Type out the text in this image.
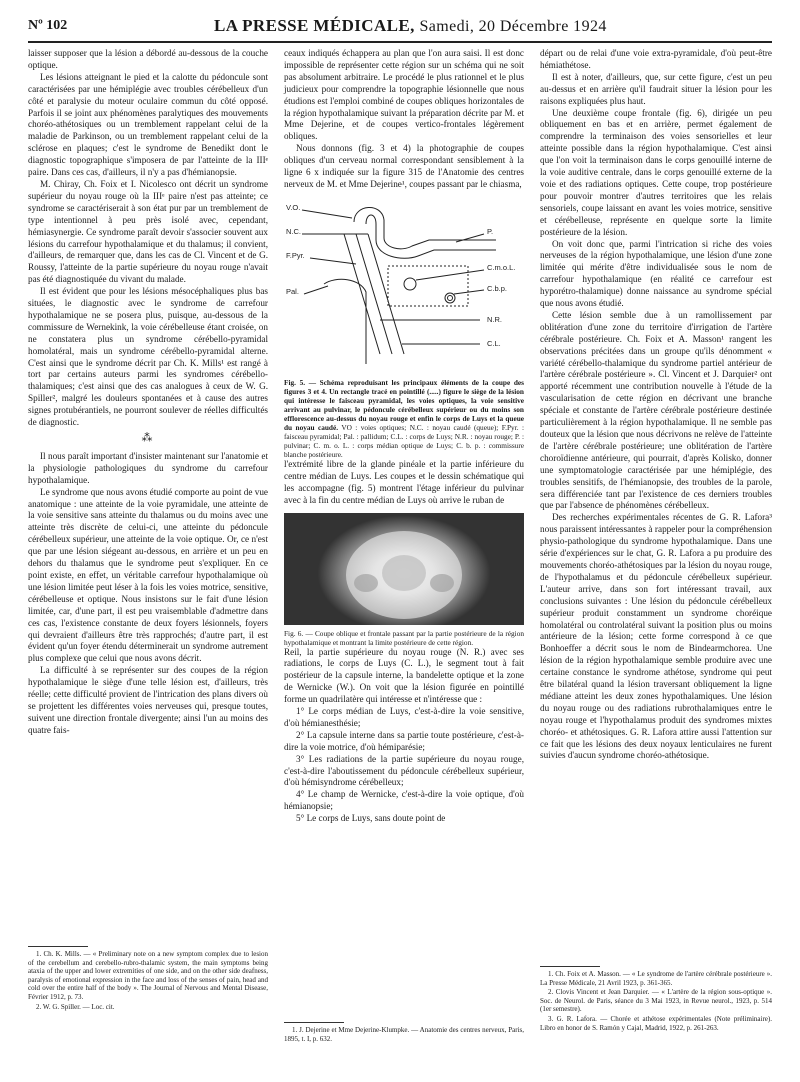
Nº 102	LA PRESSE MÉDICALE, Samedi, 20 Décembre 1924

laisser supposer que la lésion a débordé au-dessous de la couche optique.

Les lésions atteignant le pied et la calotte du pédoncule sont caractérisées par une hémiplégie avec troubles cérébelleux d'un côté et paralysie du moteur oculaire commun du côté opposé. Parfois il se joint aux phénomènes paralytiques des mouvements choréo-athétosiques ou un tremblement rappelant celui de la maladie de Parkinson, ou un tremblement rappelant celui de la sclérose en plaques; c'est le syndrome de Benedikt dont le diagnostic topographique s'imposera de par l'atteinte de la IIIᵉ paire. Dans ces cas, d'ailleurs, il n'y a pas d'hémianopsie.

M. Chiray, Ch. Foix et I. Nicolesco ont décrit un syndrome supérieur du noyau rouge où la IIIᵉ paire n'est pas atteinte; ce syndrome se caractériserait à son état pur par un tremblement de type intentionnel à peu près isolé avec, cependant, hémiasynergie. Ce syndrome paraît devoir s'associer souvent aux lésions du carrefour hypothalamique et du thalamus; il convient, d'ailleurs, de remarquer que, dans les cas de Cl. Vincent et de G. Roussy, l'atteinte de la partie supérieure du noyau rouge n'avait pas été diagnostiquée du vivant du malade.

Il est évident que pour les lésions mésocéphaliques plus bas situées, le diagnostic avec le syndrome de carrefour hypothalamique ne se posera plus, puisque, au-dessous de la commissure de Wernekink, la voie cérébelleuse étant croisée, on ne constatera plus un syndrome cérébello-pyramidal homolatéral, mais un syndrome cérébello-pyramidal alterne. C'est ainsi que le syndrome décrit par Ch. K. Mills¹ est rangé à tort par certains auteurs parmi les syndromes cérébello-thalamiques; c'est ainsi que des cas analogues à ceux de W. G. Spiller², malgré les douleurs spontanées et à cause des autres signes protubérantiels, ne pourront soulever de réelles difficultés de diagnostic.

⁂

Il nous paraît important d'insister maintenant sur l'anatomie et la physiologie pathologiques du syndrome du carrefour hypothalamique.

Le syndrome que nous avons étudié comporte au point de vue anatomique : une atteinte de la voie pyramidale, une atteinte de la voie sensitive sans atteinte du thalamus ou du moins avec une atteinte très discrète de celui-ci, une atteinte du pédoncule cérébelleux supérieur, une atteinte de la voie optique. Or, ce n'est que par une lésion siégeant au-dessous, en arrière et un peu en dehors du thalamus que le syndrome peut s'expliquer. En ce point existe, en effet, un véritable carrefour hypothalamique où une lésion limitée peut léser à la fois les voies motrice, sensitive, cérébelleuse et optique. Nous insistons sur le fait d'une lésion limitée, car, d'une part, il est peu vraisemblable d'admettre dans ces cas, l'existence constante de deux foyers lésionnels, foyers qui devraient d'ailleurs être très rapprochés; d'autre part, il est évident qu'un foyer étendu déterminerait un syndrome autrement plus complexe que celui que nous avons décrit.

La difficulté à se représenter sur des coupes de la région hypothalamique le siège d'une telle lésion est, d'ailleurs, très réelle; cette difficulté provient de l'intrication des plans divers où se projettent les différentes voies nerveuses qui, presque toutes, suivent une direction frontale divergente; ainsi l'un au moins des quatre fais-

1. Ch. K. Mills. — « Preliminary note on a new symptom complex due to lesion of the cerebellum and cerebello-rubro-thalamic system, the main symptoms being ataxia of the upper and lower extremities of one side, and on the other side deafness, paralysis of emotional expression in the face and loss of the senses of pain, head and cold over the entire half of the body ». The Journal of Nervous and Mental Disease, Février 1912, p. 73.

2. W. G. Spiller. — Loc. cit.

ceaux indiqués échappera au plan que l'on aura saisi. Il est donc impossible de représenter cette région sur un schéma qui ne soit pas absolument arbitraire. Le procédé le plus rationnel et le plus judicieux pour comprendre la topographie lésionnelle que nous étudions est l'emploi combiné de coupes obliques horizontales de la région hypothalamique suivant la préparation décrite par M. et Mme Dejerine, et de coupes vertico-frontales légèrement obliques.

Nous donnons (fig. 3 et 4) la photographie de coupes obliques d'un cerveau normal correspondant sensiblement à la ligne 6 x indiquée sur la figure 315 de l'Anatomie des centres nerveux de M. et Mme Dejerine¹, coupes passant par le chiasma,

V.O.
N.C.
F.Pyr.
Pal.
P.
C.m.o.L.
C.b.p.
N.R.
C.L.

Fig. 5. — Schéma reproduisant les principaux éléments de la coupe des figures 3 et 4. Un rectangle tracé en pointillé (.....) figure le siège de la lésion qui intéresse le faisceau pyramidal, les voies optiques, la voie sensitive arrivant au pulvinar, le pédoncule cérébelleux supérieur ou du moins son efflorescence au-dessus du noyau rouge et enfin le corps de Luys et la queue du noyau caudé. VO : voies optiques; N.C. : noyau caudé (queue); F.Pyr. : faisceau pyramidal; Pal. : pallidum; C.L. : corps de Luys; N.R. : noyau rouge; P. : pulvinar; C. m. o. L. : corps médian optique de Luys; C. b. p. : commissure blanche postérieure.

l'extrémité libre de la glande pinéale et la partie inférieure du centre médian de Luys. Les coupes et le dessin schématique qui les accompagne (fig. 5) montrent l'étage inférieur du pulvinar avec à la fin du centre médian de Luys où arrive le ruban de

Fig. 6. — Coupe oblique et frontale passant par la partie postérieure de la région hypothalamique et montrant la limite postérieure de cette région.

Reil, la partie supérieure du noyau rouge (N. R.) avec ses radiations, le corps de Luys (C. L.), le segment tout à fait postérieur de la capsule interne, la bandelette optique et la zone de Wernicke (W.). On voit que la lésion figurée en pointillé forme un quadrilatère qui intéresse et n'intéresse que :

1° Le corps médian de Luys, c'est-à-dire la voie sensitive, d'où hémianesthésie;

2° La capsule interne dans sa partie toute postérieure, c'est-à-dire la voie motrice, d'où hémiparésie;

3° Les radiations de la partie supérieure du noyau rouge, c'est-à-dire l'aboutissement du pédoncule cérébelleux supérieur, d'où hémisyndrome cérébelleux;

4° Le champ de Wernicke, c'est-à-dire la voie optique, d'où hémianopsie;

5° Le corps de Luys, sans doute point de

1. J. Dejerine et Mme Dejerine-Klumpke. — Anatomie des centres nerveux, Paris, 1895, t. I, p. 632.

départ ou de relai d'une voie extra-pyramidale, d'où peut-être hémiathétose.

Il est à noter, d'ailleurs, que, sur cette figure, c'est un peu au-dessus et en arrière qu'il faudrait situer la lésion pour les raisons expliquées plus haut.

Une deuxième coupe frontale (fig. 6), dirigée un peu obliquement en bas et en arrière, permet également de comprendre la terminaison des voies sensorielles et leur atteinte possible dans la région hypothalamique. C'est ainsi que l'on voit la terminaison dans le corps genouillé interne de la voie auditive centrale, dans le corps genouillé externe de la voie et des radiations optiques. Cette coupe, trop postérieure pour pouvoir montrer d'autres territoires que les relais sensoriels, coupe laissant en avant les voies motrice, sensitive et cérébelleuse, représente en quelque sorte la limite postérieure de la lésion.

On voit donc que, parmi l'intrication si riche des voies nerveuses de la région hypothalamique, une lésion d'une zone limitée qui mérite d'être individualisée sous le nom de carrefour hypothalamique (en réalité ce carrefour est hyporétro-thalamique) donne naissance au syndrome spécial que nous avons étudié.

Cette lésion semble due à un ramollissement par oblitération d'une zone du territoire d'irrigation de l'artère cérébrale postérieure. Ch. Foix et A. Masson¹ rangent les observations précitées dans un groupe qu'ils dénomment « variété cérébello-thalamique du syndrome partiel antérieur de l'artère cérébrale postérieure ». Cl. Vincent et J. Darquier² ont apporté récemment une contribution nouvelle à l'étude de la vascularisation de cette région en décrivant une branche spéciale et constante de l'artère cérébrale postérieure destinée particulièrement à la région hypothalamique. Il ne semble pas douteux que la lésion que nous décrivons ne relève de l'atteinte de l'artère cérébrale postérieure; une oblitération de l'artère choroïdienne antérieure, qui pourrait, d'après Kolisko, donner une symptomatologie caractérisée par une hémiplégie, des troubles sensitifs, de l'hémianopsie, des troubles de la parole, sera différenciée tant par l'existence de ces derniers troubles que par l'absence de phénomènes cérébelleux.

Des recherches expérimentales récentes de G. R. Lafora³ nous paraissent intéressantes à rappeler pour la compréhension physio-pathologique du syndrome hypothalamique. Dans une série d'expériences sur le chat, G. R. Lafora a pu produire des mouvements choréo-athétosiques par la lésion du noyau rouge, de l'hypothalamus et du pédoncule cérébelleux supérieur. L'auteur arrive, dans son fort intéressant travail, aux conclusions suivantes : Une lésion du pédoncule cérébelleux supérieur produit constamment un syndrome choréique homolatéral ou controlatéral suivant la position plus ou moins antérieure de la lésion; cette forme correspond à ce que Bonhoeffer a décrit sous le nom de Bindearmchorea. Une lésion de la région hypothalamique semble produire avec une certaine constance le syndrome athétose, syndrome qui peut être bilatéral quand la lésion traversant obliquement la ligne médiane atteint les deux zones hypothalamiques. Une lésion du noyau rouge ou des radiations rubrothalamiques entre le noyau rouge et l'hypothalamus produit des syndromes mixtes choréo- et athétosiques. G. R. Lafora attire aussi l'attention sur ce fait que les lésions des deux noyaux lenticulaires ne furent suivies d'aucun syndrome choréo-athétosique.

1. Ch. Foix et A. Masson. — « Le syndrome de l'artère cérébrale postérieure ». La Presse Médicale, 21 Avril 1923, p. 361-365.

2. Clovis Vincent et Jean Darquier. — « L'artère de la région sous-optique ». Soc. de Neurol. de Paris, séance du 3 Mai 1923, in Revue neurol., 1923, p. 514 (1er semestre).

3. G. R. Lafora. — Chorée et athétose expérimentales (Note préliminaire). Libro en honor de S. Ramón y Cajal, Madrid, 1922, p. 261-263.
